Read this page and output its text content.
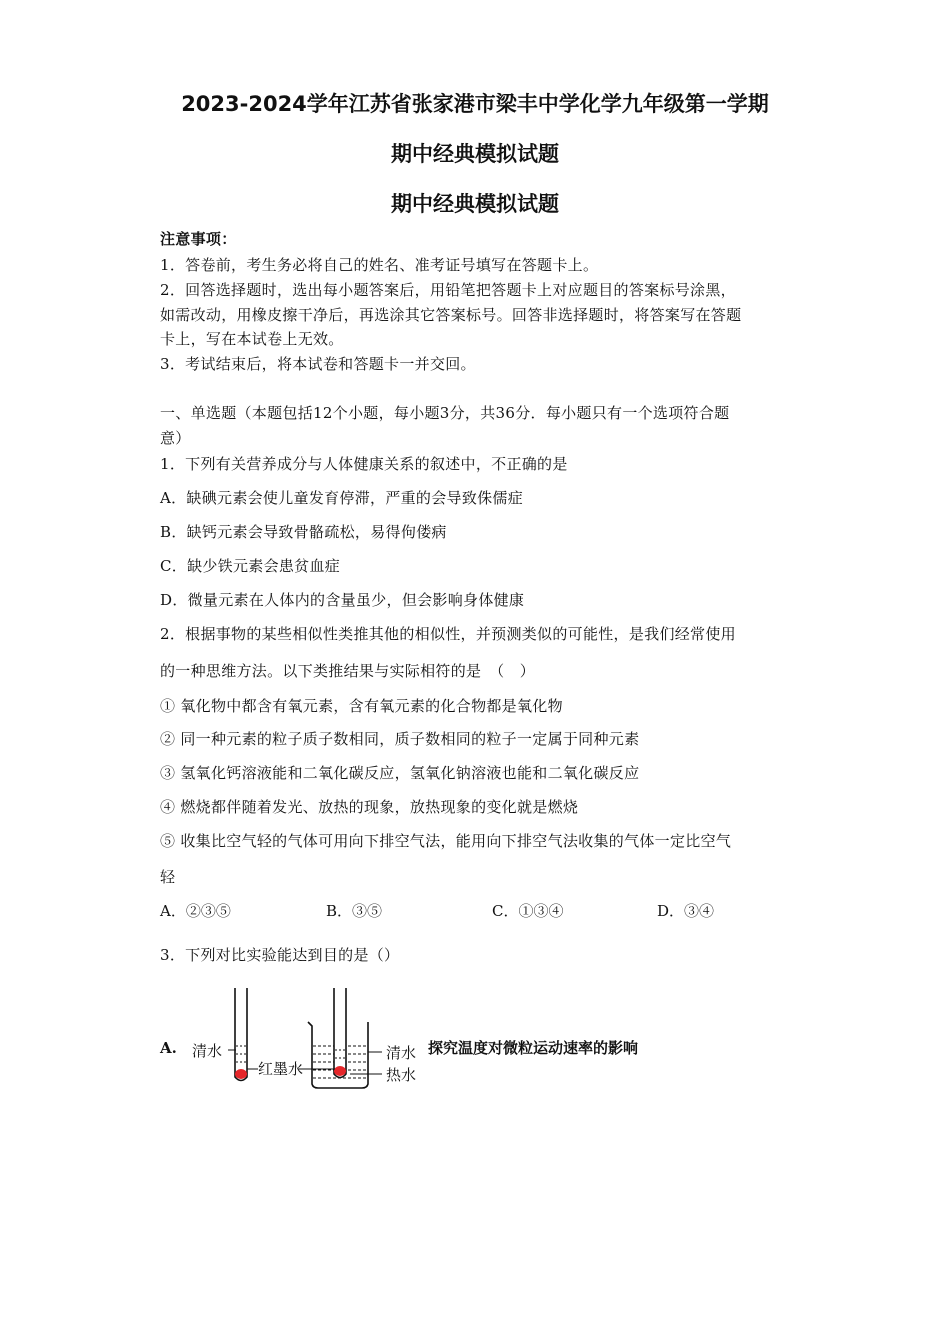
2023-2024学年江苏省张家港市梁丰中学化学九年级第一学期
期中经典模拟试题
期中经典模拟试题
注意事项：
1．答卷前，考生务必将自己的姓名、准考证号填写在答题卡上。
2．回答选择题时，选出每小题答案后，用铅笔把答题卡上对应题目的答案标号涂黑，
如需改动，用橡皮擦干净后，再选涂其它答案标号。回答非选择题时，将答案写在答题
卡上，写在本试卷上无效。
3．考试结束后，将本试卷和答题卡一并交回。
一、单选题（本题包括12个小题，每小题3分，共36分．每小题只有一个选项符合题
意）
1．下列有关营养成分与人体健康关系的叙述中，不正确的是
A．缺碘元素会使儿童发育停滞，严重的会导致侏儒症
B．缺钙元素会导致骨骼疏松，易得佝偻病
C．缺少铁元素会患贫血症
D．微量元素在人体内的含量虽少，但会影响身体健康
2．根据事物的某些相似性类推其他的相似性，并预测类似的可能性，是我们经常使用
的一种思维方法。以下类推结果与实际相符的是　（　）
① 氧化物中都含有氧元素，含有氧元素的化合物都是氧化物
② 同一种元素的粒子质子数相同，质子数相同的粒子一定属于同种元素
③ 氢氧化钙溶液能和二氧化碳反应，氢氧化钠溶液也能和二氧化碳反应
④ 燃烧都伴随着发光、放热的现象，放热现象的变化就是燃烧
⑤ 收集比空气轻的气体可用向下排空气法，能用向下排空气法收集的气体一定比空气
轻
A．②③⑤	B．③⑤	C．①③④	D．③④
3．下列对比实验能达到目的是（）
A. 清水
红墨水
清水
热水
探究温度对微粒运动速率的影响
